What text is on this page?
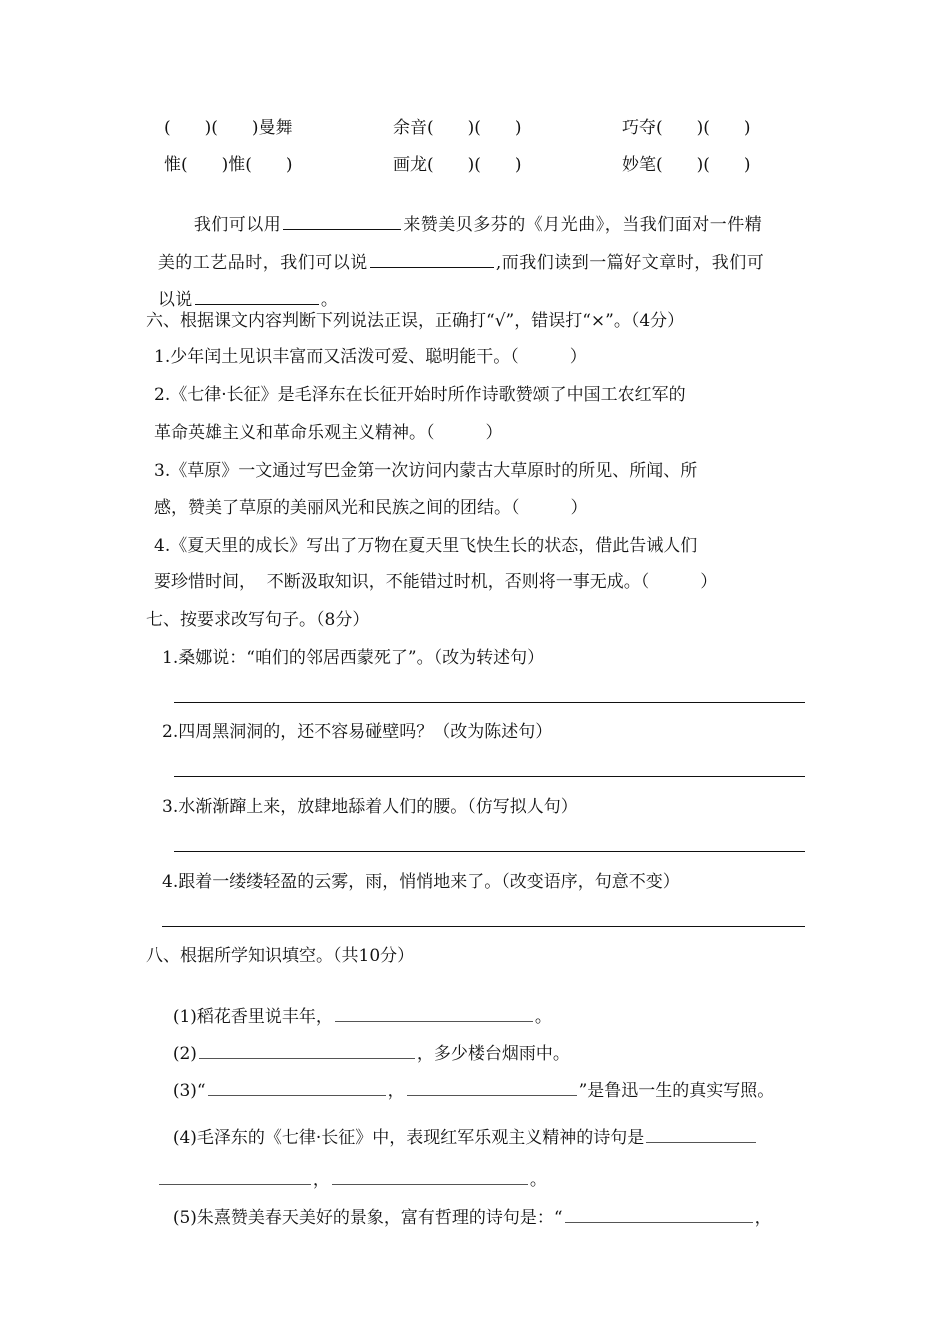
(　　)(　　)曼舞	余音(　　)(　　)	巧夺(　　)(　　)
惟(　　)惟(　　)	画龙(　　)(　　)	妙笔(　　)(　　)

我们可以用	来赞美贝多芬的《月光曲》，当我们面对一件精

美的工艺品时，我们可以说	,而我们读到一篇好文章时，我们可

以说	。

六、根据课文内容判断下列说法正误，正确打“√”，错误打“×”。（4分）
1.少年闰土见识丰富而又活泼可爱、聪明能干。（　　　）
2.《七律·长征》是毛泽东在长征开始时所作诗歌赞颂了中国工农红军的
革命英雄主义和革命乐观主义精神。（　　　）
3.《草原》一文通过写巴金第一次访问内蒙古大草原时的所见、所闻、所
感，赞美了草原的美丽风光和民族之间的团结。（　　　）
4.《夏天里的成长》写出了万物在夏天里飞快生长的状态，借此告诫人们
要珍惜时间，  不断汲取知识，不能错过时机，否则将一事无成。（　　　）
七、按要求改写句子。（8分）
1.桑娜说：“咱们的邻居西蒙死了”。（改为转述句）
2.四周黑洞洞的，还不容易碰壁吗？（改为陈述句）
3.水渐渐蹿上来，放肆地舔着人们的腰。（仿写拟人句）
4.跟着一缕缕轻盈的云雾，雨，悄悄地来了。（改变语序，句意不变）
八、根据所学知识填空。（共10分）

(1)稻花香里说丰年，	。

(2)	，多少楼台烟雨中。

(3)“	，	”是鲁迅一生的真实写照。

(4)毛泽东的《七律·长征》中，表现红军乐观主义精神的诗句是

，	。

(5)朱熹赞美春天美好的景象，富有哲理的诗句是：“	，
